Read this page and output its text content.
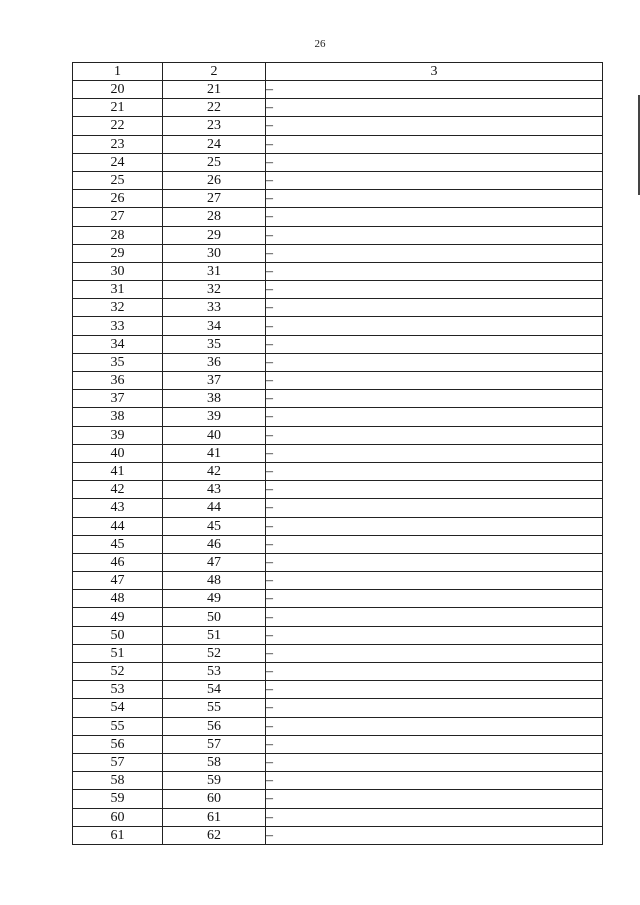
26
1	2	3
20	21	–
21	22	–
22	23	–
23	24	–
24	25	–
25	26	–
26	27	–
27	28	–
28	29	–
29	30	–
30	31	–
31	32	–
32	33	–
33	34	–
34	35	–
35	36	–
36	37	–
37	38	–
38	39	–
39	40	–
40	41	–
41	42	–
42	43	–
43	44	–
44	45	–
45	46	–
46	47	–
47	48	–
48	49	–
49	50	–
50	51	–
51	52	–
52	53	–
53	54	–
54	55	–
55	56	–
56	57	–
57	58	–
58	59	–
59	60	–
60	61	–
61	62	–
